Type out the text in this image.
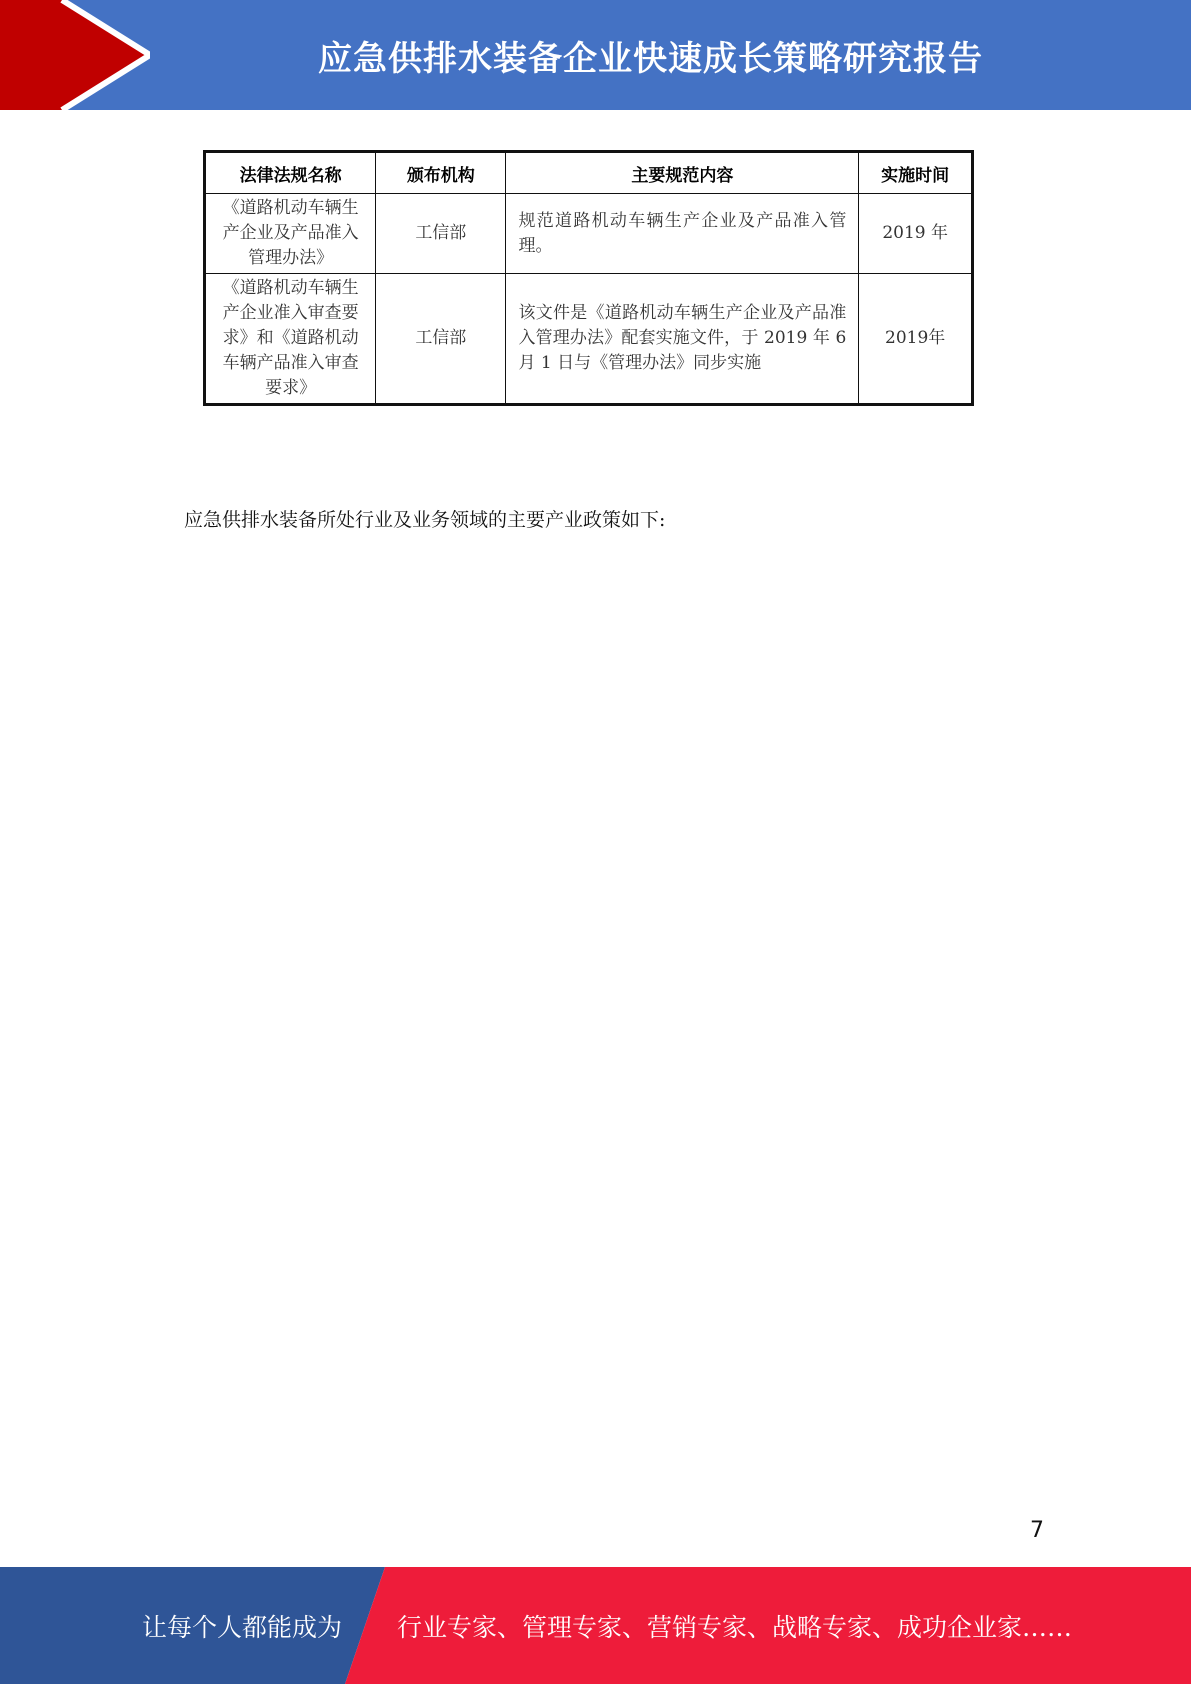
应急供排水装备企业快速成长策略研究报告
法律法规名称	颁布机构	主要规范内容	实施时间
《道路机动车辆生产企业及产品准入管理办法》	工信部	规范道路机动车辆生产企业及产品准入管理。	2019 年
《道路机动车辆生产企业准入审查要求》和《道路机动车辆产品准入审查要求》	工信部	该文件是《道路机动车辆生产企业及产品准入管理办法》配套实施文件，于 2019 年 6 月 1 日与《管理办法》同步实施	2019年
应急供排水装备所处行业及业务领域的主要产业政策如下:
7
让每个人都能成为 行业专家、管理专家、营销专家、战略专家、成功企业家……
